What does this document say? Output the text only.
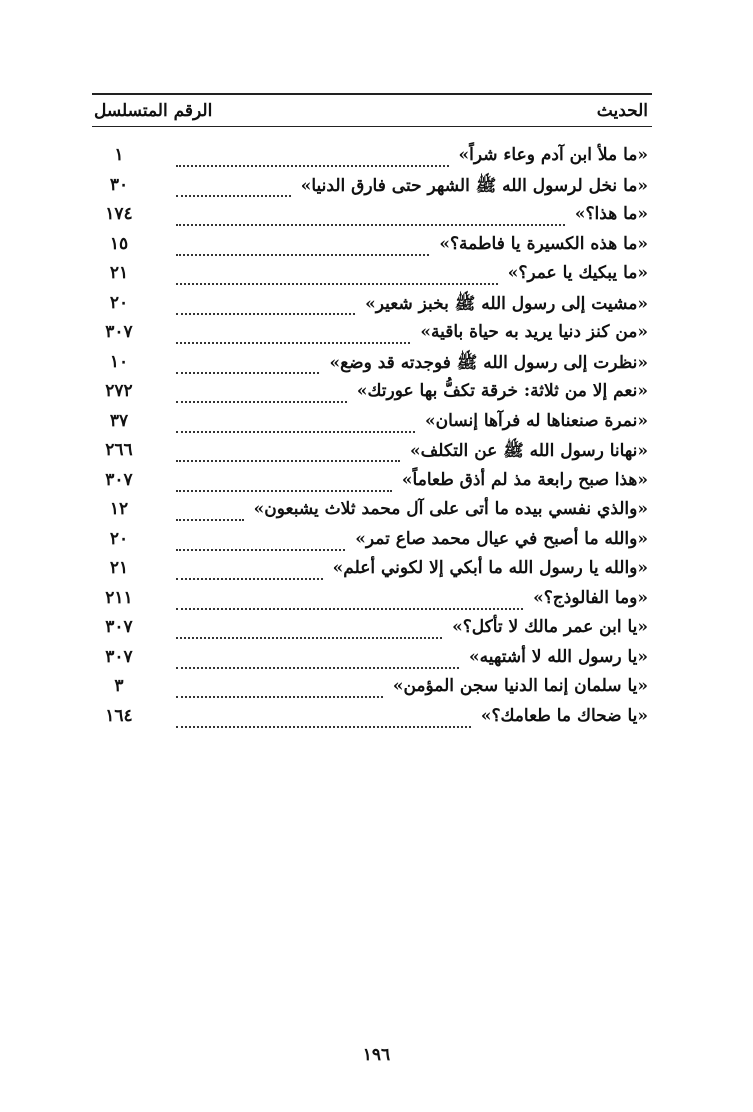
الحديث
الرقم المتسلسل
«ما ملأ ابن آدم وعاء شراً»
١
«ما نخل لرسول الله ﷺ الشهر حتى فارق الدنيا»
٣٠
«ما هذا؟»
١٧٤
«ما هذه الكسيرة يا فاطمة؟»
١٥
«ما يبكيك يا عمر؟»
٢١
«مشيت إلى رسول الله ﷺ بخبز شعير»
٢٠
«من كنز دنيا يريد به حياة باقية»
٣٠٧
«نظرت إلى رسول الله ﷺ فوجدته قد وضع»
١٠
«نعم إلا من ثلاثة: خرقة تكفُّ بها عورتك»
٢٧٢
«نمرة صنعناها له فرآها إنسان»
٣٧
«نهانا رسول الله ﷺ عن التكلف»
٢٦٦
«هذا صبح رابعة مذ لم أذق طعاماً»
٣٠٧
«والذي نفسي بيده ما أتى على آل محمد ثلاث يشبعون»
١٢
«والله ما أصبح في عيال محمد صاع تمر»
٢٠
«والله يا رسول الله ما أبكي إلا لكوني أعلم»
٢١
«وما الفالوذج؟»
٢١١
«يا ابن عمر مالك لا تأكل؟»
٣٠٧
«يا رسول الله لا أشتهيه»
٣٠٧
«يا سلمان إنما الدنيا سجن المؤمن»
٣
«يا ضحاك ما طعامك؟»
١٦٤
١٩٦
